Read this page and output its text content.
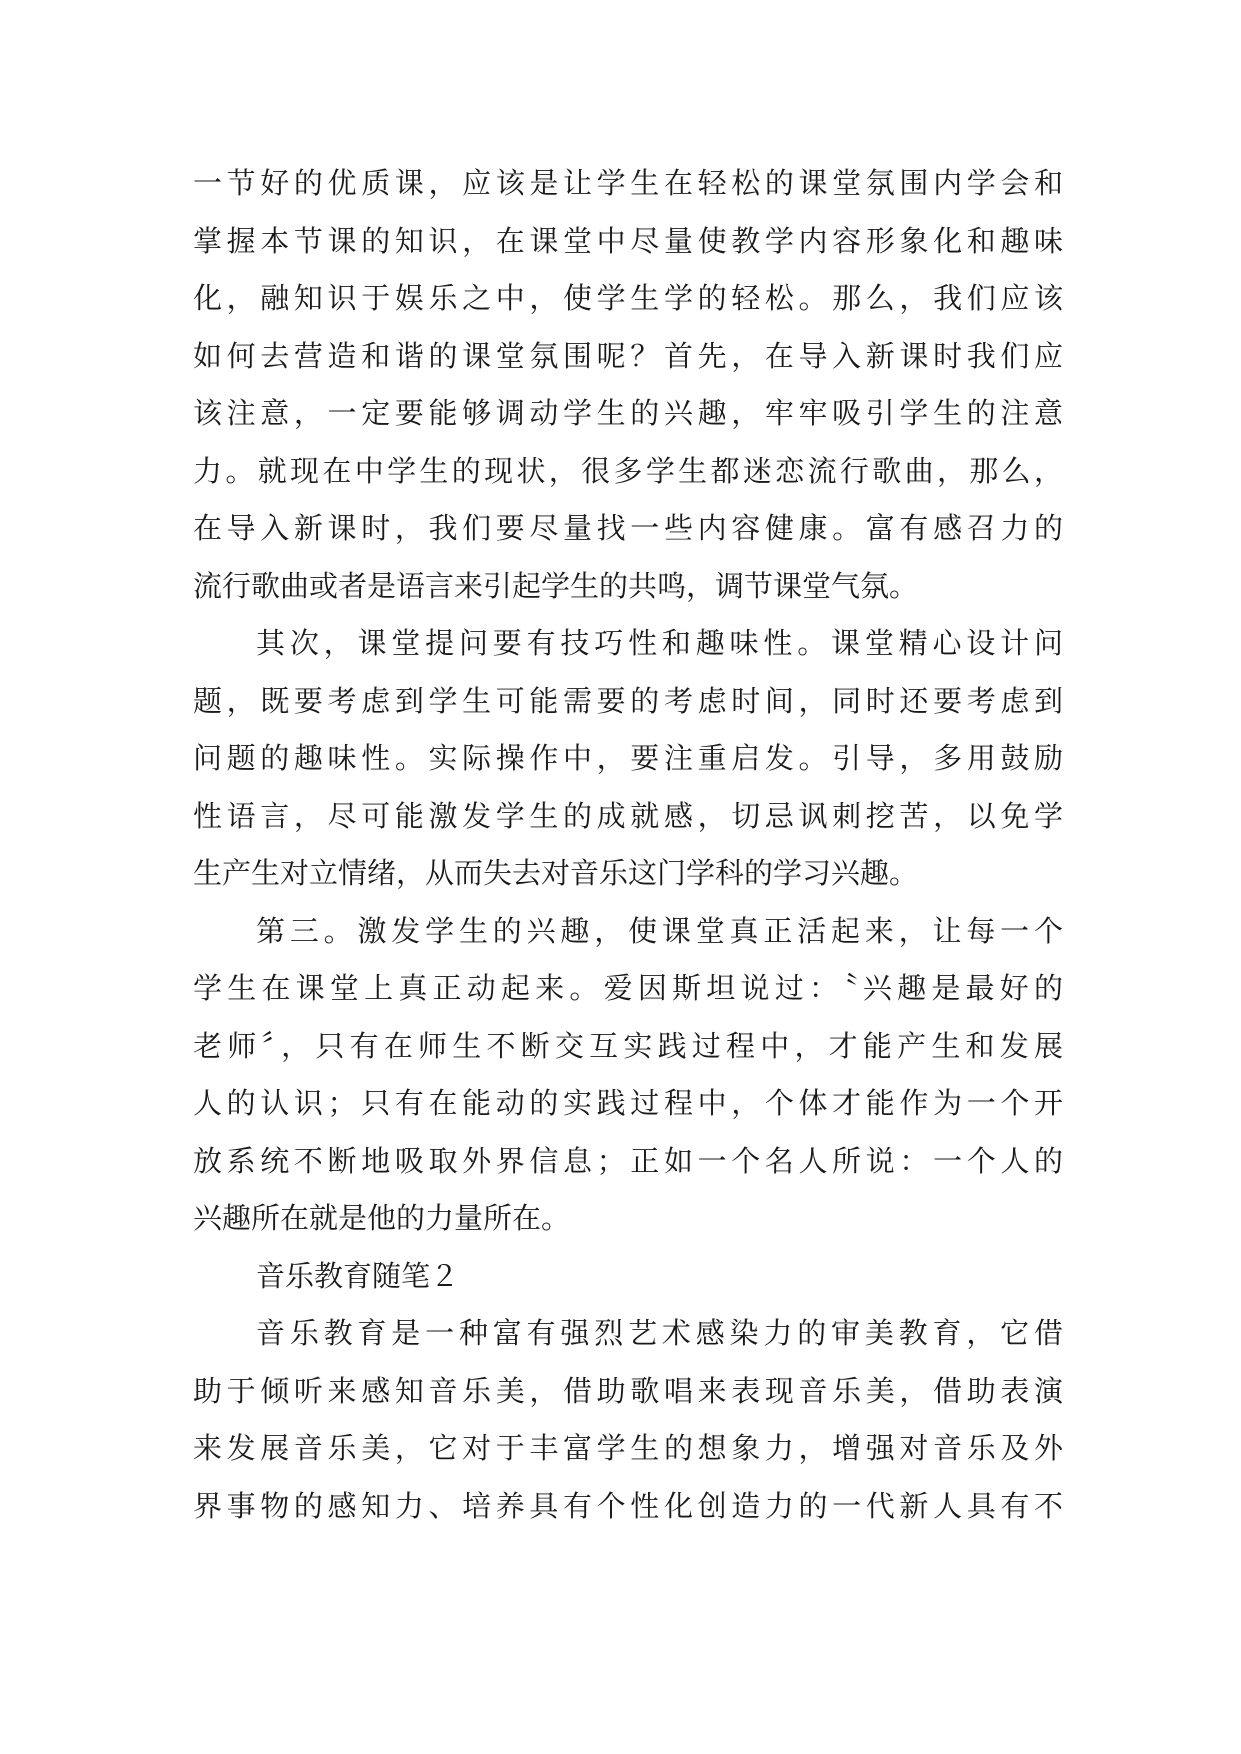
一节好的优质课，应该是让学生在轻松的课堂氛围内学会和
掌握本节课的知识，在课堂中尽量使教学内容形象化和趣味
化，融知识于娱乐之中，使学生学的轻松。那么，我们应该
如何去营造和谐的课堂氛围呢？首先，在导入新课时我们应
该注意，一定要能够调动学生的兴趣，牢牢吸引学生的注意
力。就现在中学生的现状，很多学生都迷恋流行歌曲，那么，
在导入新课时，我们要尽量找一些内容健康。富有感召力的
流行歌曲或者是语言来引起学生的共鸣，调节课堂气氛。
其次，课堂提问要有技巧性和趣味性。课堂精心设计问
题，既要考虑到学生可能需要的考虑时间，同时还要考虑到
问题的趣味性。实际操作中，要注重启发。引导，多用鼓励
性语言，尽可能激发学生的成就感，切忌讽刺挖苦，以免学
生产生对立情绪，从而失去对音乐这门学科的学习兴趣。
第三。激发学生的兴趣，使课堂真正活起来，让每一个
学生在课堂上真正动起来。爱因斯坦说过：〝兴趣是最好的
老师〞，只有在师生不断交互实践过程中，才能产生和发展
人的认识；只有在能动的实践过程中，个体才能作为一个开
放系统不断地吸取外界信息；正如一个名人所说：一个人的
兴趣所在就是他的力量所在。
音乐教育随笔２
音乐教育是一种富有强烈艺术感染力的审美教育，它借
助于倾听来感知音乐美，借助歌唱来表现音乐美，借助表演
来发展音乐美，它对于丰富学生的想象力，增强对音乐及外
界事物的感知力、培养具有个性化创造力的一代新人具有不
